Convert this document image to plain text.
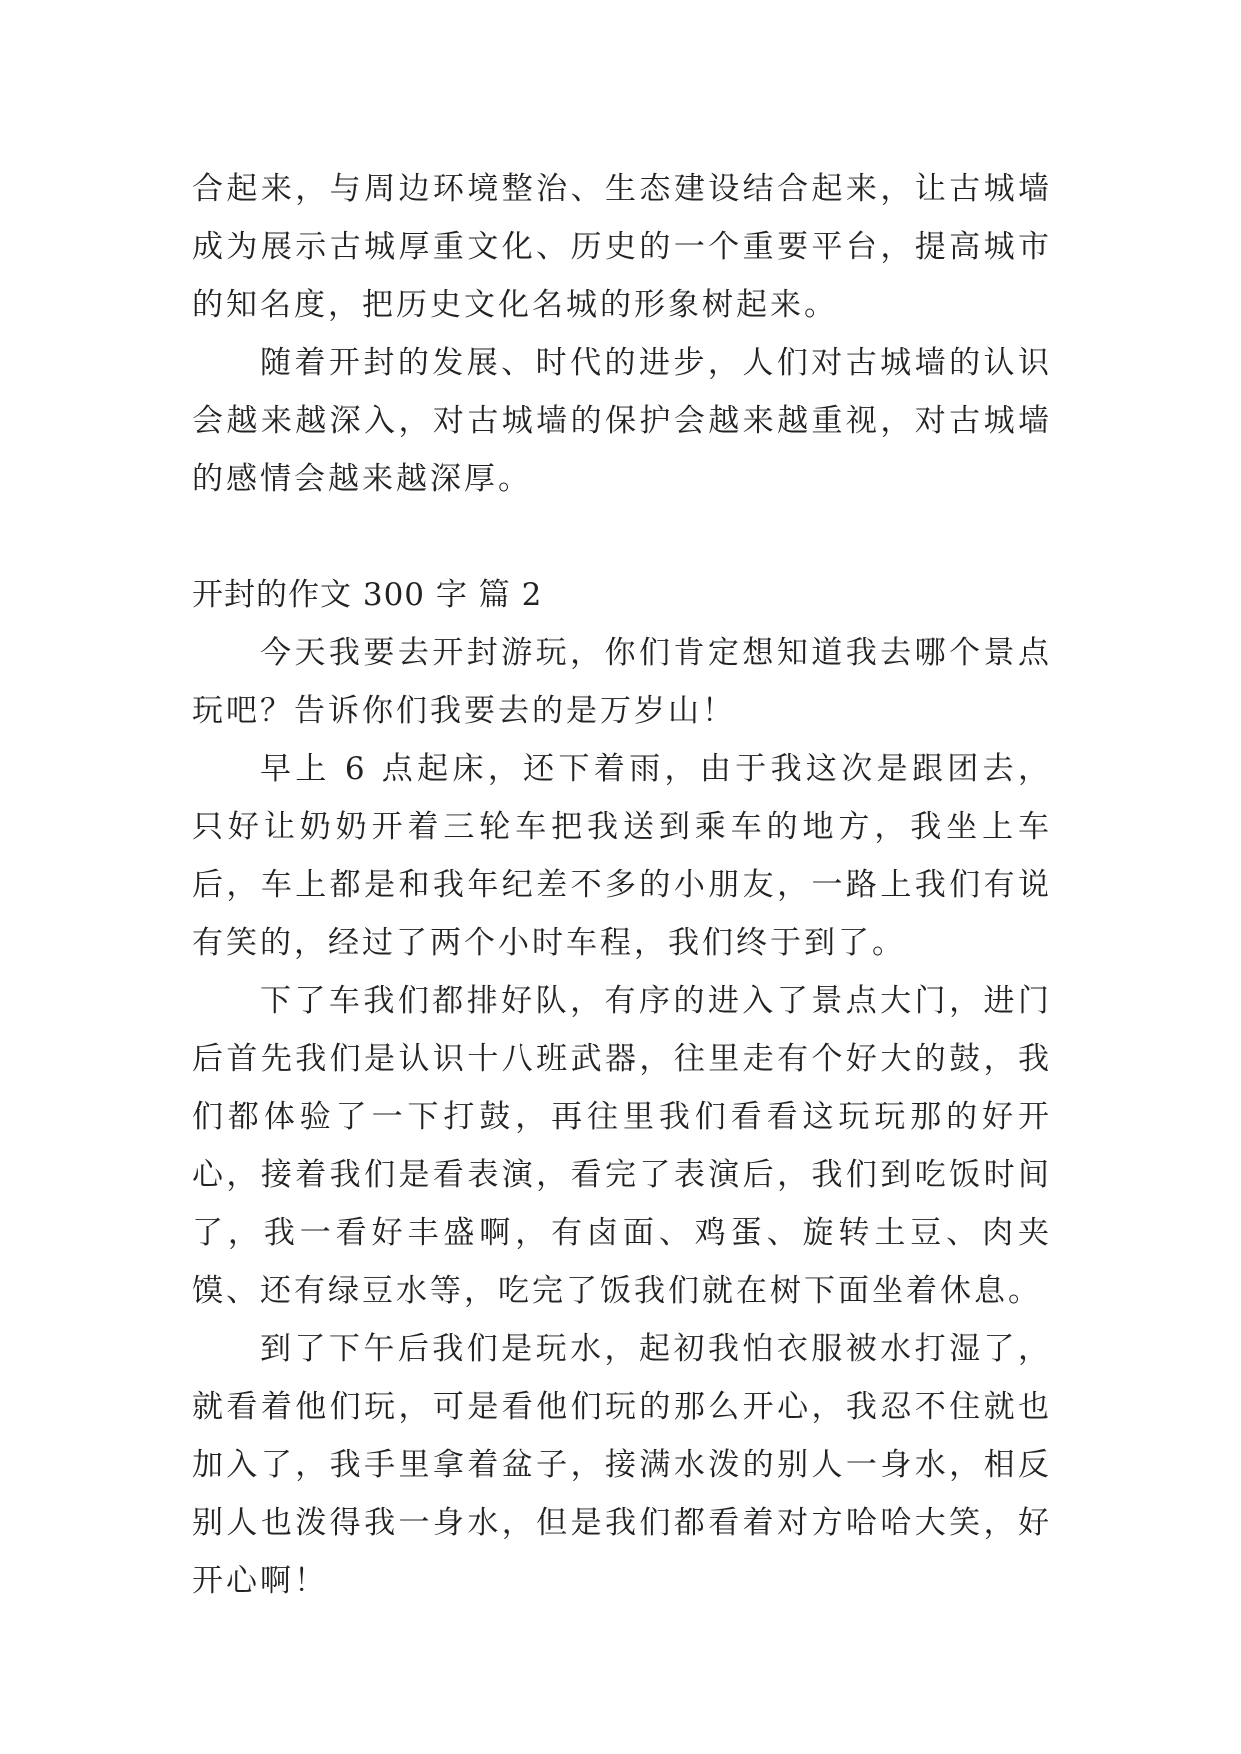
合起来，与周边环境整治、生态建设结合起来，让古城墙成为展示古城厚重文化、历史的一个重要平台，提高城市的知名度，把历史文化名城的形象树起来。

随着开封的发展、时代的进步，人们对古城墙的认识会越来越深入，对古城墙的保护会越来越重视，对古城墙的感情会越来越深厚。

开封的作文 300 字 篇 2

今天我要去开封游玩，你们肯定想知道我去哪个景点玩吧？告诉你们我要去的是万岁山！

早上 6 点起床，还下着雨，由于我这次是跟团去，只好让奶奶开着三轮车把我送到乘车的地方，我坐上车后，车上都是和我年纪差不多的小朋友，一路上我们有说有笑的，经过了两个小时车程，我们终于到了。

下了车我们都排好队，有序的进入了景点大门，进门后首先我们是认识十八班武器，往里走有个好大的鼓，我们都体验了一下打鼓，再往里我们看看这玩玩那的好开心，接着我们是看表演，看完了表演后，我们到吃饭时间了，我一看好丰盛啊，有卤面、鸡蛋、旋转土豆、肉夹馍、还有绿豆水等，吃完了饭我们就在树下面坐着休息。

到了下午后我们是玩水，起初我怕衣服被水打湿了，就看着他们玩，可是看他们玩的那么开心，我忍不住就也加入了，我手里拿着盆子，接满水泼的别人一身水，相反别人也泼得我一身水，但是我们都看着对方哈哈大笑，好开心啊！
